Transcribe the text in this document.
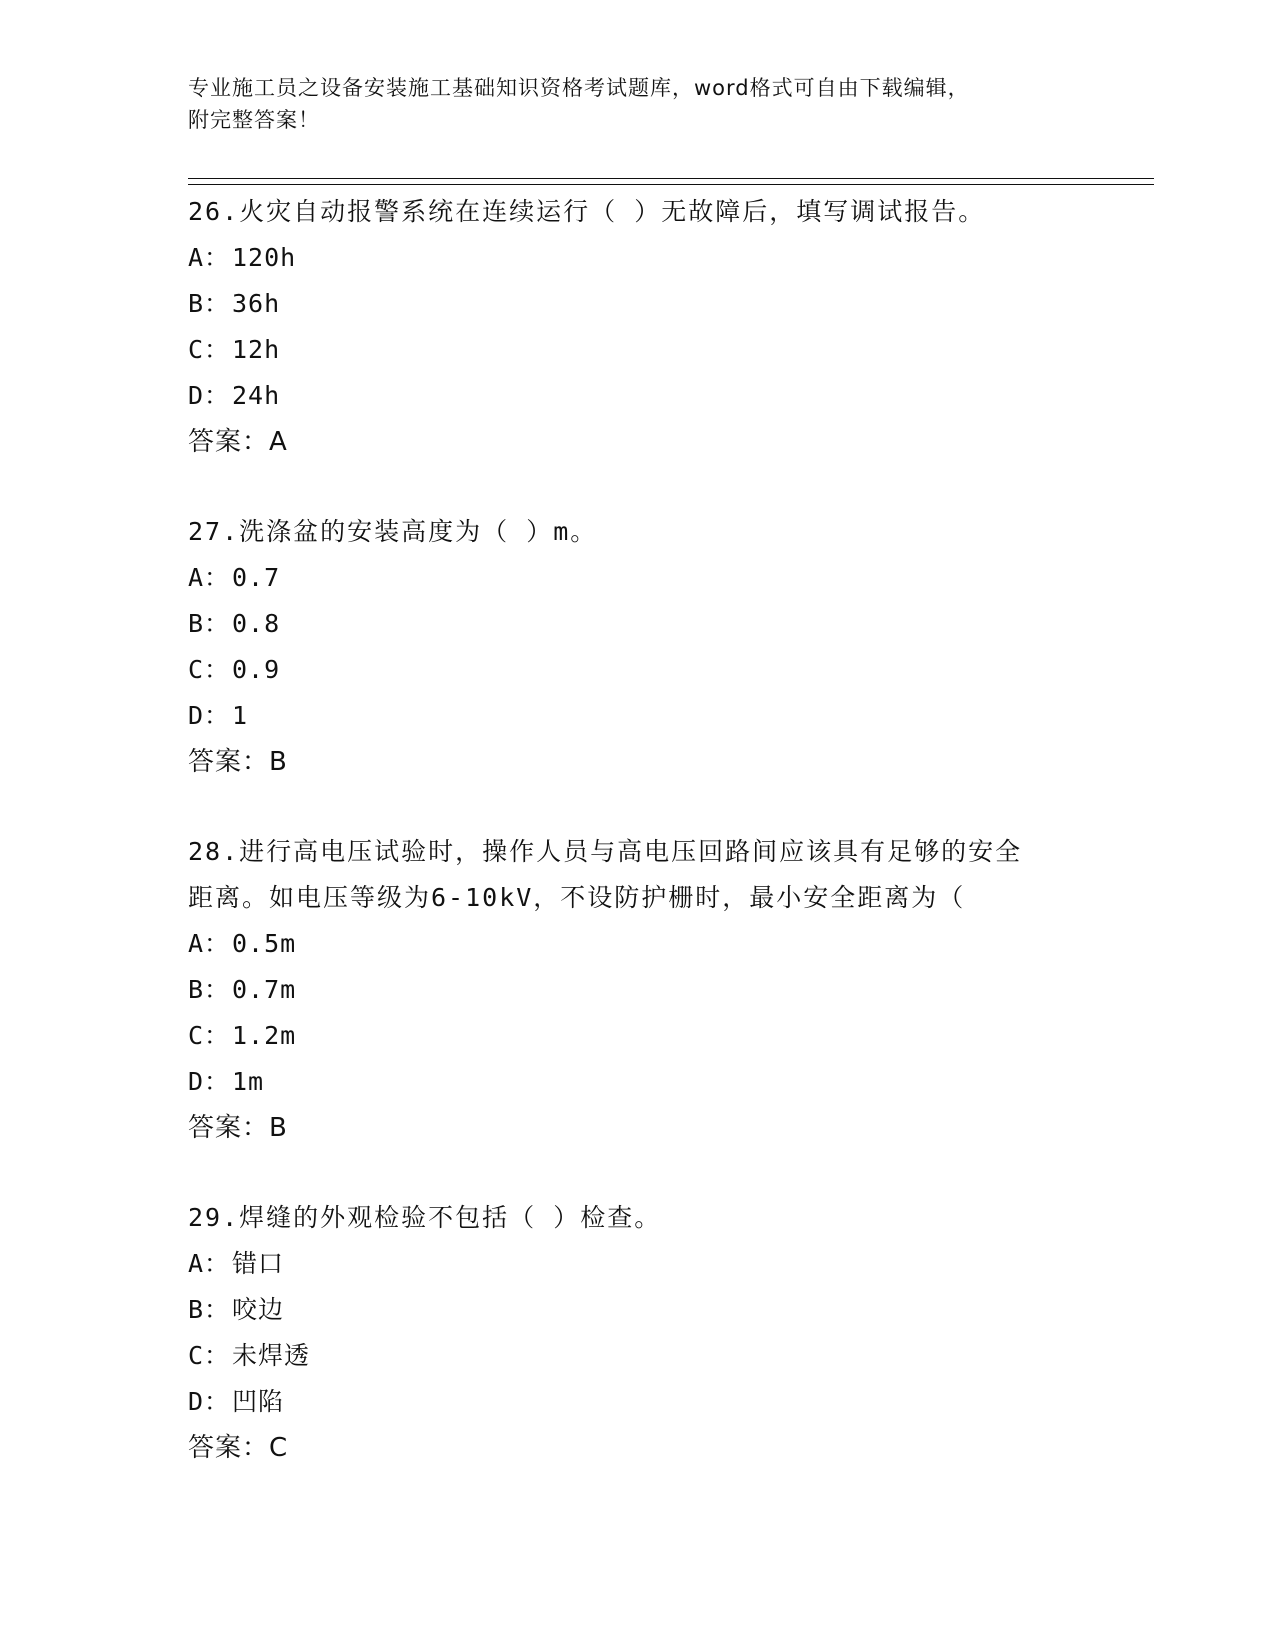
专业施工员之设备安装施工基础知识资格考试题库，word格式可自由下载编辑，
附完整答案！
26.火灾自动报警系统在连续运行（ ）无故障后，填写调试报告。
A： 120h
B： 36h
C： 12h
D： 24h
答案：A
27.洗涤盆的安装高度为（ ）m。
A： 0.7
B： 0.8
C： 0.9
D： 1
答案：B
28.进行高电压试验时，操作人员与高电压回路间应该具有足够的安全
距离。如电压等级为6-10kV，不设防护栅时，最小安全距离为（
A： 0.5m
B： 0.7m
C： 1.2m
D： 1m
答案：B
29.焊缝的外观检验不包括（ ）检查。
A： 错口
B： 咬边
C： 未焊透
D： 凹陷
答案：C
